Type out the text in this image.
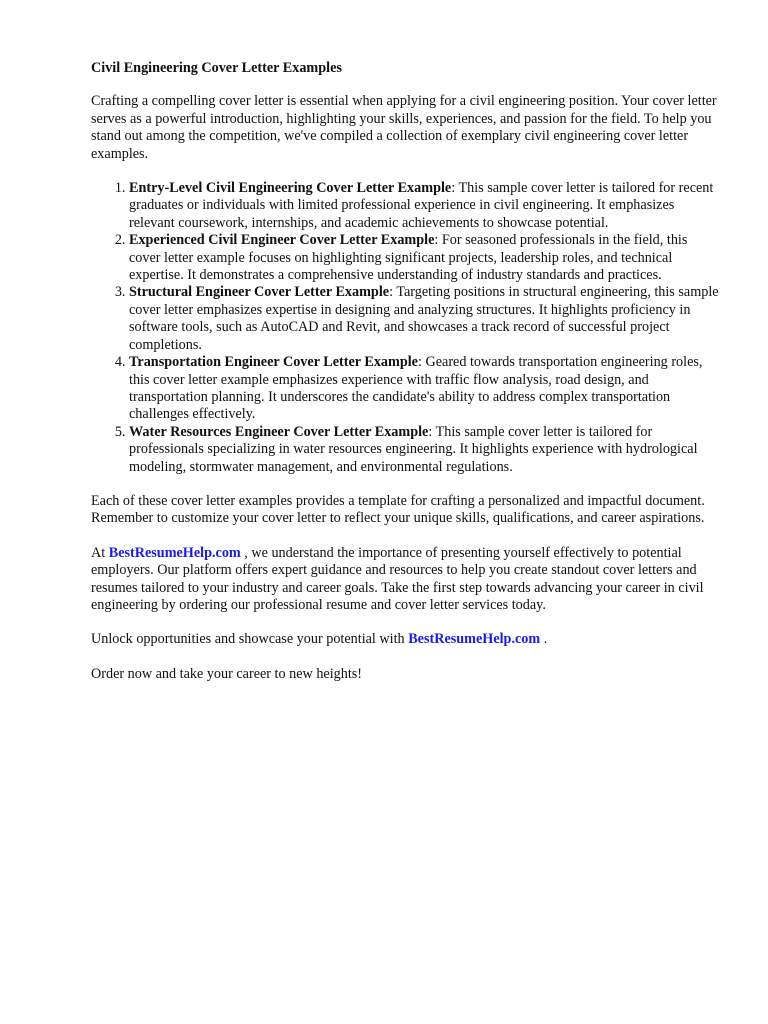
Civil Engineering Cover Letter Examples

Crafting a compelling cover letter is essential when applying for a civil engineering position. Your cover letter serves as a powerful introduction, highlighting your skills, experiences, and passion for the field. To help you stand out among the competition, we've compiled a collection of exemplary civil engineering cover letter examples.

1. Entry-Level Civil Engineering Cover Letter Example: This sample cover letter is tailored for recent graduates or individuals with limited professional experience in civil engineering. It emphasizes relevant coursework, internships, and academic achievements to showcase potential.
2. Experienced Civil Engineer Cover Letter Example: For seasoned professionals in the field, this cover letter example focuses on highlighting significant projects, leadership roles, and technical expertise. It demonstrates a comprehensive understanding of industry standards and practices.
3. Structural Engineer Cover Letter Example: Targeting positions in structural engineering, this sample cover letter emphasizes expertise in designing and analyzing structures. It highlights proficiency in software tools, such as AutoCAD and Revit, and showcases a track record of successful project completions.
4. Transportation Engineer Cover Letter Example: Geared towards transportation engineering roles, this cover letter example emphasizes experience with traffic flow analysis, road design, and transportation planning. It underscores the candidate's ability to address complex transportation challenges effectively.
5. Water Resources Engineer Cover Letter Example: This sample cover letter is tailored for professionals specializing in water resources engineering. It highlights experience with hydrological modeling, stormwater management, and environmental regulations.

Each of these cover letter examples provides a template for crafting a personalized and impactful document. Remember to customize your cover letter to reflect your unique skills, qualifications, and career aspirations.

At BestResumeHelp.com , we understand the importance of presenting yourself effectively to potential employers. Our platform offers expert guidance and resources to help you create standout cover letters and resumes tailored to your industry and career goals. Take the first step towards advancing your career in civil engineering by ordering our professional resume and cover letter services today.

Unlock opportunities and showcase your potential with BestResumeHelp.com .

Order now and take your career to new heights!
